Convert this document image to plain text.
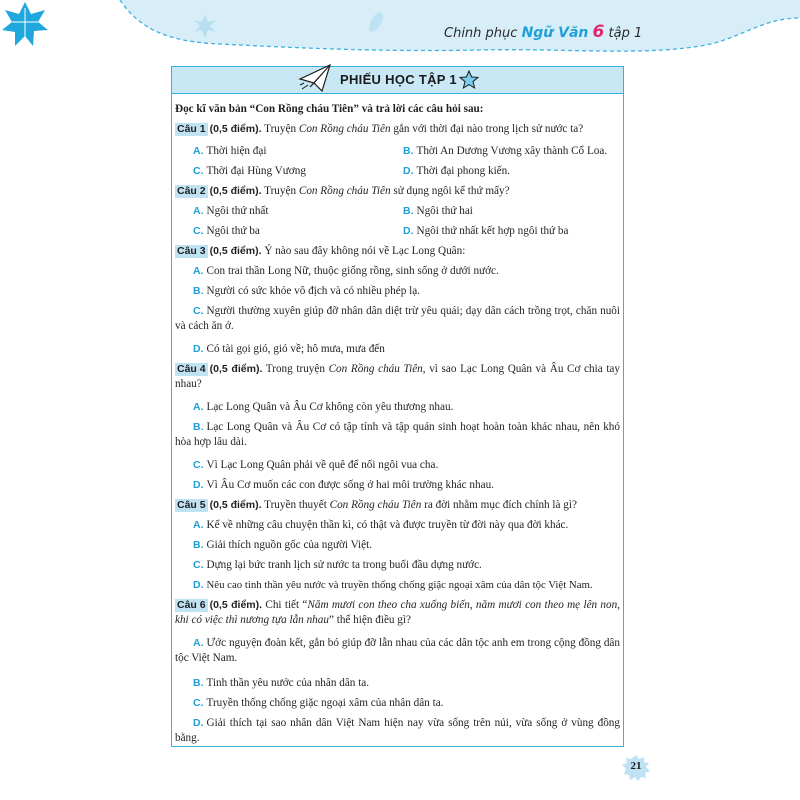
Chinh phục Ngữ Văn 6 tập 1
PHIẾU HỌC TẬP 1
Đọc kĩ văn bản “Con Rồng cháu Tiên” và trả lời các câu hỏi sau:
Câu 1 (0,5 điểm). Truyện Con Rồng cháu Tiên gắn với thời đại nào trong lịch sử nước ta?
A. Thời hiện đại	B. Thời An Dương Vương xây thành Cổ Loa.
C. Thời đại Hùng Vương	D. Thời đại phong kiến.
Câu 2 (0,5 điểm). Truyện Con Rồng cháu Tiên sử dụng ngôi kể thứ mấy?
A. Ngôi thứ nhất	B. Ngôi thứ hai
C. Ngôi thứ ba	D. Ngôi thứ nhất kết hợp ngôi thứ ba
Câu 3 (0,5 điểm). Ý nào sau đây không nói về Lạc Long Quân:
A. Con trai thần Long Nữ, thuộc giống rồng, sinh sống ở dưới nước.
B. Người có sức khỏe vô địch và có nhiều phép lạ.
C. Người thường xuyên giúp đỡ nhân dân diệt trừ yêu quái; dạy dân cách trồng trọt, chăn nuôi và cách ăn ở.
D. Có tài gọi gió, gió về; hô mưa, mưa đến
Câu 4 (0,5 điểm). Trong truyện Con Rồng cháu Tiên, vì sao Lạc Long Quân và Âu Cơ chia tay nhau?
A. Lạc Long Quân và Âu Cơ không còn yêu thương nhau.
B. Lạc Long Quân và Âu Cơ có tập tính và tập quán sinh hoạt hoàn toàn khác nhau, nên khó hòa hợp lâu dài.
C. Vì Lạc Long Quân phải về quê để nối ngôi vua cha.
D. Vì Âu Cơ muốn các con được sống ở hai môi trường khác nhau.
Câu 5 (0,5 điểm). Truyền thuyết Con Rồng cháu Tiên ra đời nhằm mục đích chính là gì?
A. Kể về những câu chuyện thần kì, có thật và được truyền từ đời này qua đời khác.
B. Giải thích nguồn gốc của người Việt.
C. Dựng lại bức tranh lịch sử nước ta trong buổi đầu dựng nước.
D. Nêu cao tinh thần yêu nước và truyền thống chống giặc ngoại xâm của dân tộc Việt Nam.
Câu 6 (0,5 điểm). Chi tiết “Năm mươi con theo cha xuống biển, năm mươi con theo mẹ lên non, khi có việc thì nương tựa lẫn nhau” thể hiện điều gì?
A. Ước nguyện đoàn kết, gắn bó giúp đỡ lẫn nhau của các dân tộc anh em trong cộng đồng dân tộc Việt Nam.
B. Tinh thần yêu nước của nhân dân ta.
C. Truyền thống chống giặc ngoại xâm của nhân dân ta.
D. Giải thích tại sao nhân dân Việt Nam hiện nay vừa sống trên núi, vừa sống ở vùng đồng bằng.
21
